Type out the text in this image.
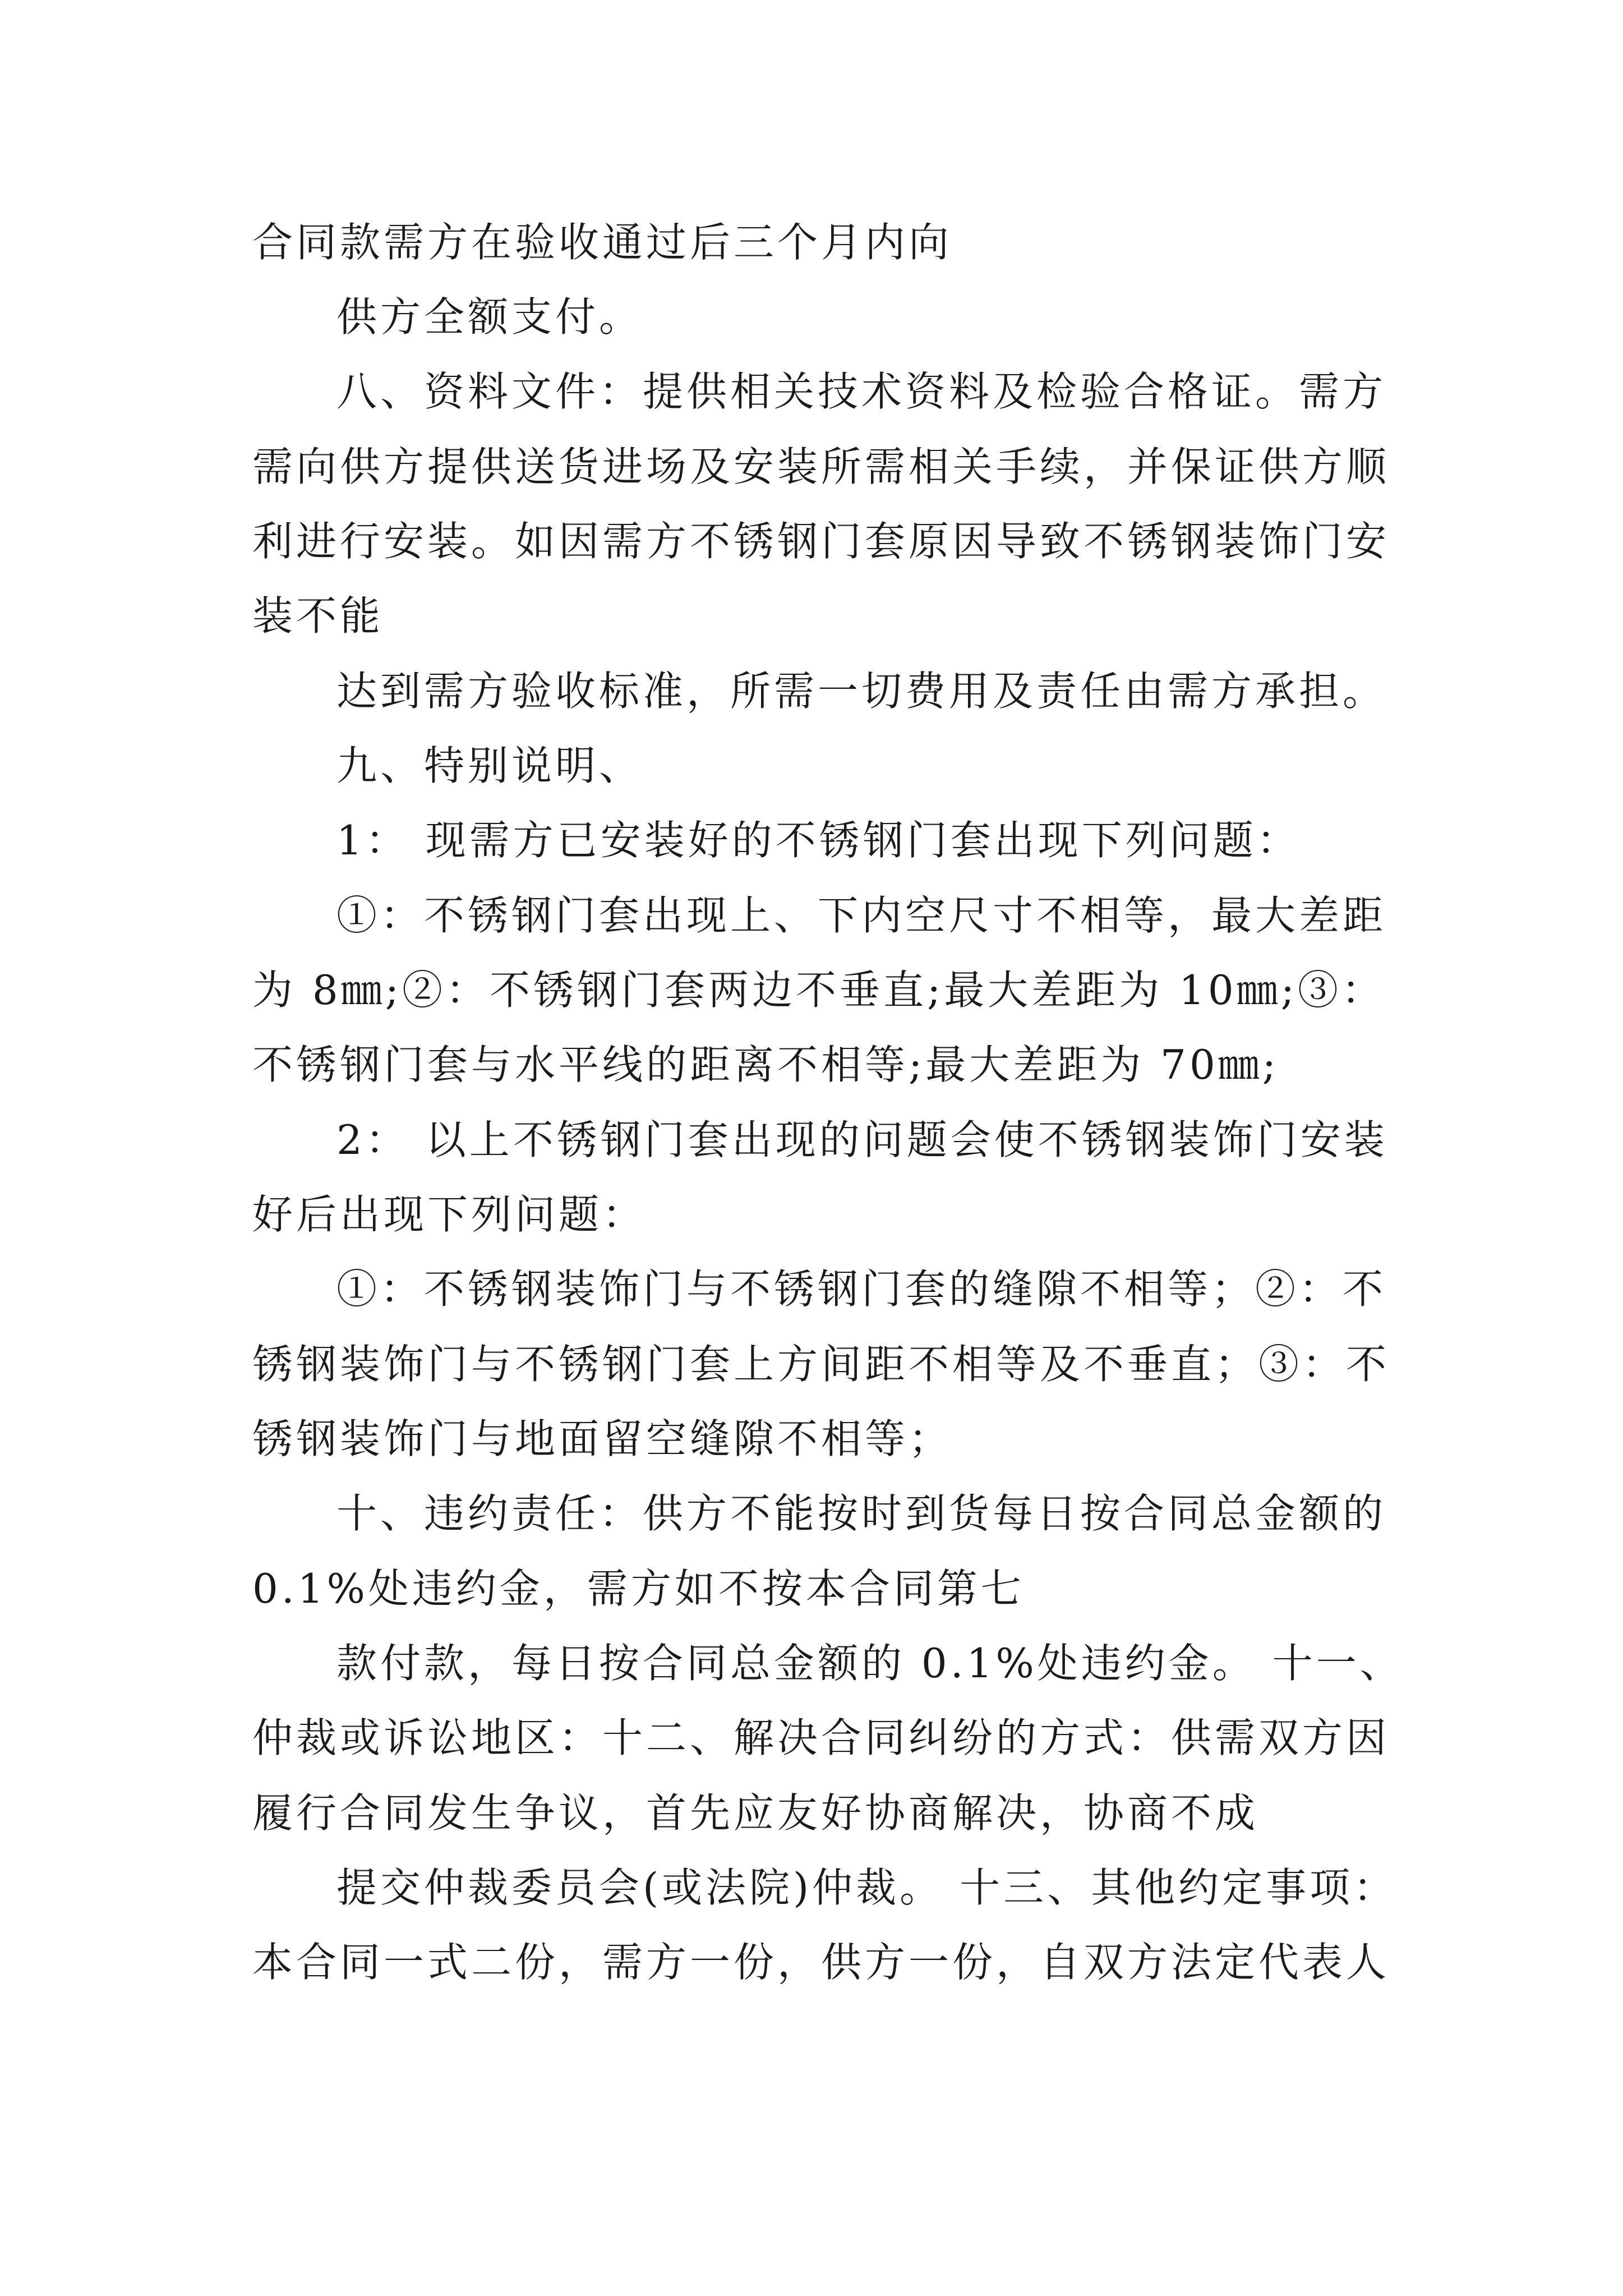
合同款需方在验收通过后三个月内向
供方全额支付。
八、资料文件：提供相关技术资料及检验合格证。需方
需向供方提供送货进场及安装所需相关手续，并保证供方顺
利进行安装。如因需方不锈钢门套原因导致不锈钢装饰门安
装不能
达到需方验收标准，所需一切费用及责任由需方承担。
九、特别说明、
1： 现需方已安装好的不锈钢门套出现下列问题：
①：不锈钢门套出现上、下内空尺寸不相等，最大差距
为 8㎜;②：不锈钢门套两边不垂直;最大差距为 10㎜;③：
不锈钢门套与水平线的距离不相等;最大差距为 70㎜;
2： 以上不锈钢门套出现的问题会使不锈钢装饰门安装
好后出现下列问题：
①：不锈钢装饰门与不锈钢门套的缝隙不相等；②：不
锈钢装饰门与不锈钢门套上方间距不相等及不垂直；③：不
锈钢装饰门与地面留空缝隙不相等；
十、违约责任：供方不能按时到货每日按合同总金额的
0.1%处违约金，需方如不按本合同第七
款付款，每日按合同总金额的 0.1%处违约金。 十一、
仲裁或诉讼地区：十二、解决合同纠纷的方式：供需双方因
履行合同发生争议，首先应友好协商解决，协商不成
提交仲裁委员会(或法院)仲裁。 十三、其他约定事项：
本合同一式二份，需方一份，供方一份，自双方法定代表人
